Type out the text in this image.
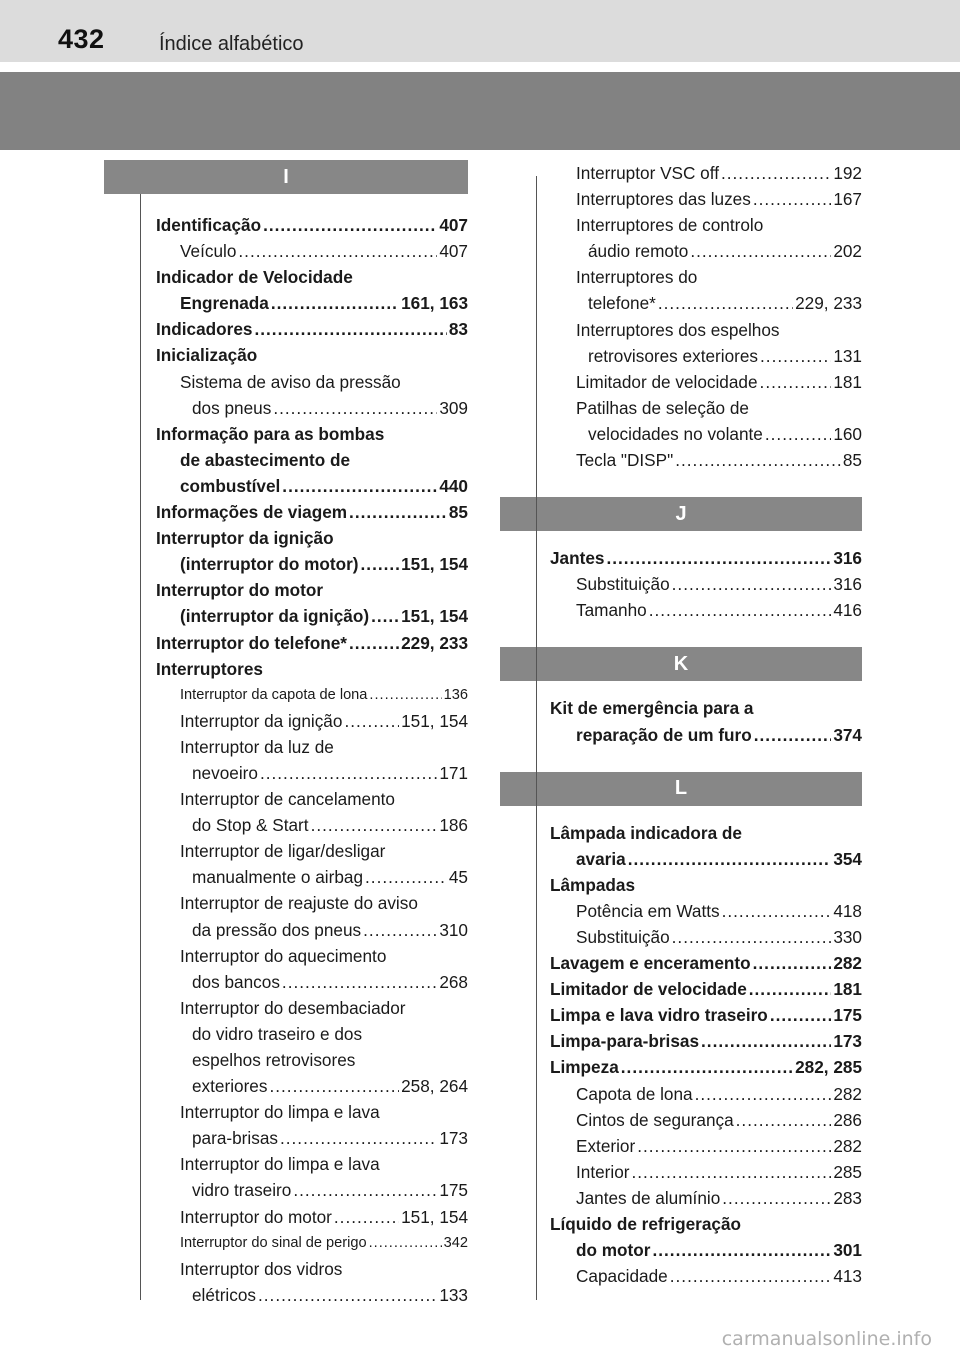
432	Índice alfabético
I
Identificação .....	407
Veículo .....	407
Indicador de Velocidade
Engrenada .....	161, 163
Indicadores .....	83
Inicialização
Sistema de aviso da pressão
dos pneus .....	309
Informação para as bombas
de abastecimento de
combustível .....	440
Informações de viagem .....	85
Interruptor da ignição
(interruptor do motor) ..... 151, 154
Interruptor do motor
(interruptor da ignição) ..... 151, 154
Interruptor do telefone* .....	229, 233
Interruptores
Interruptor da capota de lona .....	136
Interruptor da ignição .....	151, 154
Interruptor da luz de
nevoeiro .....	171
Interruptor de cancelamento
do Stop & Start .....	186
Interruptor de ligar/desligar
manualmente o airbag .....	45
Interruptor de reajuste do aviso
da pressão dos pneus .....	310
Interruptor do aquecimento
dos bancos .....	268
Interruptor do desembaciador
do vidro traseiro e dos
espelhos retrovisores
exteriores .....	258, 264
Interruptor do limpa e lava
para-brisas .....	173
Interruptor do limpa e lava
vidro traseiro .....	175
Interruptor do motor .....	151, 154
Interruptor do sinal de perigo .....	342
Interruptor dos vidros
elétricos .....	133
Interruptor VSC off .....	192
Interruptores das luzes .....	167
Interruptores de controlo
áudio remoto .....	202
Interruptores do
telefone* .....	229, 233
Interruptores dos espelhos
retrovisores exteriores .....	131
Limitador de velocidade .....	181
Patilhas de seleção de
velocidades no volante .....	160
Tecla "DISP" .....	85
J
Jantes .....	316
Substituição .....	316
Tamanho .....	416
K
Kit de emergência para a
reparação de um furo .....	374
L
Lâmpada indicadora de
avaria .....	354
Lâmpadas
Potência em Watts .....	418
Substituição .....	330
Lavagem e enceramento .....	282
Limitador de velocidade .....	181
Limpa e lava vidro traseiro .....	175
Limpa-para-brisas .....	173
Limpeza .....	282, 285
Capota de lona .....	282
Cintos de segurança .....	286
Exterior .....	282
Interior .....	285
Jantes de alumínio .....	283
Líquido de refrigeração
do motor .....	301
Capacidade .....	413
carmanualsonline.info
